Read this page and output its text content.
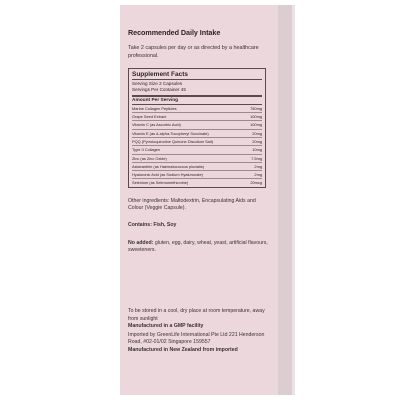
Recommended Daily Intake

Take 2 capsules per day or as directed by a healthcare professional.

Supplement Facts
Serving Size 2 Capsules
Servings Per Container 45
Amount Per Serving
Marine Collagen Peptides	750mg
Grape Seed Extract	100mg
Vitamin C (as Ascorbic Acid)	100mg
Vitamin E (as d-alpha-Tocopheryl Succinate)	20mg
PQQ (Pyrroloquinoline Quinone Disodium Salt)	20mg
Type II Collagen	10mg
Zinc (as Zinc Oxide)	7.5mg
Astaxanthin (as Haematococcus pluvialis)	2mg
Hyaluronic Acid (as Sodium Hyaluronate)	2mg
Selenium (as Selenomethionine)	20mcg

Other ingredients: Maltodextrin, Encapsulating Aids and Colour (Veggie Capsule).

Contains: Fish, Soy

No added: gluten, egg, dairy, wheat, yeast, artificial flavours, sweeteners.

To be stored in a cool, dry place at room temperature, away from sunlight

Manufactured in a GMP facility

Imported by GreenLife International Pte Ltd 221 Henderson Road, #02-01/02 Singapore 159557

Manufactured in New Zealand from imported
